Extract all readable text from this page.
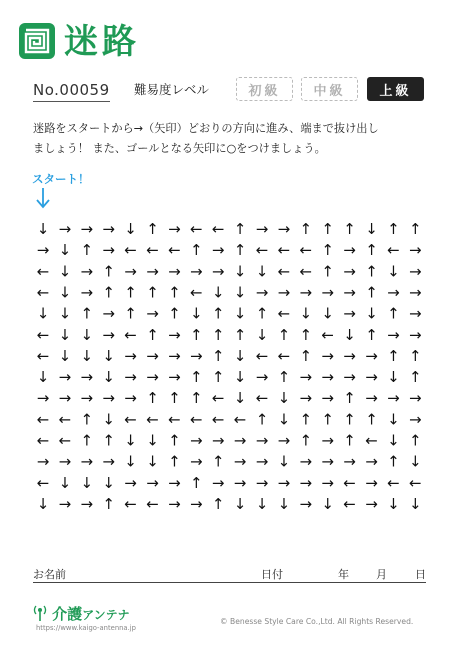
迷路
No.00059 難易度レベル	初級	中級	上級
迷路をスタートから→（矢印）どおりの方向に進み、端まで抜け出し
ましょう！ また、ゴールとなる矢印に○をつけましょう。
スタート！
↓ → → → ↓ ↑ → ← ← ↑ → → ↑ ↑ ↑ ↓ ↑ ↑
→ ↓ ↑ → ← ← ← ↑ → ↑ ← ← ← ↑ → ↑ ← →
← ↓ → ↑ → → → → → ↓ ↓ ← ← ↑ → ↑ ↓ →
← ↓ → ↑ ↑ ↑ ↑ ← ↓ ↓ → → → → → ↑ → →
↓ ↓ ↑ → ↑ → ↑ ↓ ↑ ↓ ↑ ← ↓ ↓ → ↓ ↑ →
← ↓ ↓ → ← ↑ → ↑ ↑ ↑ ↓ ↑ ↑ ← ↓ ↑ → →
← ↓ ↓ ↓ → → → → ↑ ↓ ← ← ↑ → → → ↑ ↑
↓ → → ↓ → → → ↑ ↑ ↓ → ↑ → → → → ↓ ↑
→ → → → → ↑ ↑ ↑ ← ↓ ← ↓ → → ↑ → → →
← ← ↑ ↓ ← ← ← ← ← ← ↑ ↓ ↑ ↑ ↑ ↑ ↓ →
← ← ↑ ↑ ↓ ↓ ↑ → → → → → ↑ → ↑ ← ↓ ↑
→ → → → ↓ ↓ ↑ → ↑ → → ↓ → → → → ↑ ↓
← ↓ ↓ ↓ → → → ↑ → → → → → → ← → ← ←
↓ → → ↑ ← ← → → ↑ ↓ ↓ ↓ → ↓ ← → ↓ ↓
お名前	日付	年 月	日
介護アンテナ
https://www.kaigo-antenna.jp
© Benesse Style Care Co.,Ltd. All Rights Reserved.
